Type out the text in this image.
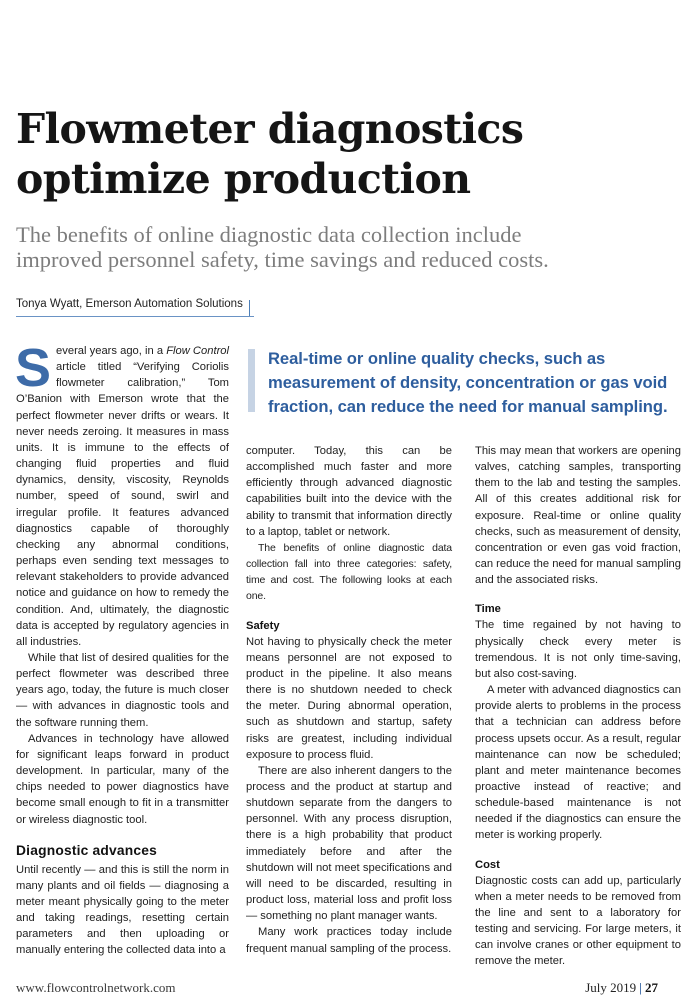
Flowmeter diagnostics
optimize production
The benefits of online diagnostic data collection include
improved personnel safety, time savings and reduced costs.
Tonya Wyatt, Emerson Automation Solutions
Real-time or online quality checks, such as
measurement of density, concentration or gas void
fraction, can reduce the need for manual sampling.

Several years ago, in a Flow Control article titled “Verifying Coriolis flowmeter calibration,” Tom O’Banion with Emerson wrote that the perfect flowmeter never drifts or wears. It never needs zeroing. It measures in mass units. It is immune to the effects of changing fluid properties and fluid dynamics, density, viscosity, Reynolds number, speed of sound, swirl and irregular profile. It features advanced diagnostics capable of thoroughly checking any abnormal conditions, perhaps even sending text messages to relevant stakeholders to provide advanced notice and guidance on how to remedy the condition. And, ultimately, the diagnostic data is accepted by regulatory agencies in all industries.

While that list of desired qualities for the perfect flowmeter was described three years ago, today, the future is much closer — with advances in diagnostic tools and the software running them.

Advances in technology have allowed for significant leaps forward in product development. In particular, many of the chips needed to power diagnostics have become small enough to fit in a transmitter or wireless diagnostic tool.

Diagnostic advances

Until recently — and this is still the norm in many plants and oil fields — diagnosing a meter meant physically going to the meter and taking readings, resetting certain parameters and then uploading or manually entering the collected data into a

computer. Today, this can be accomplished much faster and more efficiently through advanced diagnostic capabilities built into the device with the ability to transmit that information directly to a laptop, tablet or network.

The benefits of online diagnostic data collection fall into three categories: safety, time and cost. The following looks at each one.

Safety

Not having to physically check the meter means personnel are not exposed to product in the pipeline. It also means there is no shutdown needed to check the meter. During abnormal operation, such as shutdown and startup, safety risks are greatest, including individual exposure to process fluid.

There are also inherent dangers to the process and the product at startup and shutdown separate from the dangers to personnel. With any process disruption, there is a high probability that product immediately before and after the shutdown will not meet specifications and will need to be discarded, resulting in product loss, material loss and profit loss — something no plant manager wants.

Many work practices today include frequent manual sampling of the process.

This may mean that workers are opening valves, catching samples, transporting them to the lab and testing the samples. All of this creates additional risk for exposure. Real-time or online quality checks, such as measurement of density, concentration or even gas void fraction, can reduce the need for manual sampling and the associated risks.

Time

The time regained by not having to physically check every meter is tremendous. It is not only time-saving, but also cost-saving.

A meter with advanced diagnostics can provide alerts to problems in the process that a technician can address before process upsets occur. As a result, regular maintenance can now be scheduled; plant and meter maintenance becomes proactive instead of reactive; and schedule-based maintenance is not needed if the diagnostics can ensure the meter is working properly.

Cost

Diagnostic costs can add up, particularly when a meter needs to be removed from the line and sent to a laboratory for testing and servicing. For large meters, it can involve cranes or other equipment to remove the meter.

www.flowcontrolnetwork.com	July 2019 | 27
